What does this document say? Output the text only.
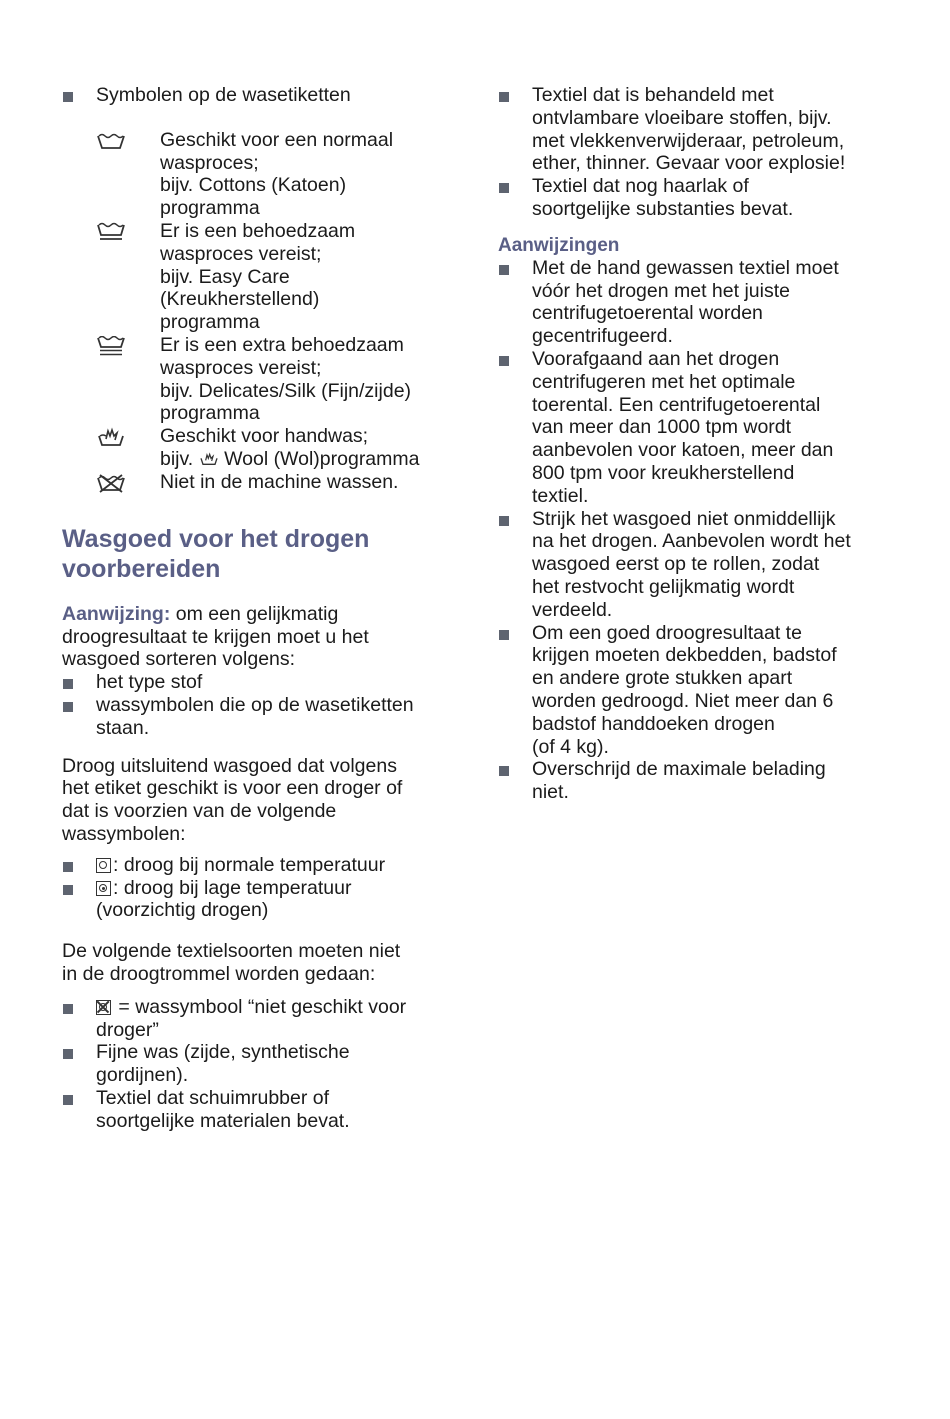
Symbolen op de wasetiketten
Geschikt voor een normaal
wasproces;
bijv. Cottons (Katoen)
programma
Er is een behoedzaam
wasproces vereist;
bijv. Easy Care
(Kreukherstellend)
programma
Er is een extra behoedzaam
wasproces vereist;
bijv. Delicates/Silk (Fijn/zijde)
programma
Geschikt voor handwas;
bijv.  Wool (Wol)programma
Niet in de machine wassen.
Wasgoed voor het drogen
voorbereiden
Aanwijzing: om een gelijkmatig
droogresultaat te krijgen moet u het
wasgoed sorteren volgens:
het type stof
wassymbolen die op de wasetiketten
staan.
Droog uitsluitend wasgoed dat volgens
het etiket geschikt is voor een droger of
dat is voorzien van de volgende
wassymbolen:
: droog bij normale temperatuur
: droog bij lage temperatuur
(voorzichtig drogen)
De volgende textielsoorten moeten niet
in de droogtrommel worden gedaan:
= wassymbool “niet geschikt voor
droger”
Fijne was (zijde, synthetische
gordijnen).
Textiel dat schuimrubber of
soortgelijke materialen bevat.
Textiel dat is behandeld met
ontvlambare vloeibare stoffen, bijv.
met vlekkenverwijderaar, petroleum,
ether, thinner. Gevaar voor explosie!
Textiel dat nog haarlak of
soortgelijke substanties bevat.
Aanwijzingen
Met de hand gewassen textiel moet
vóór het drogen met het juiste
centrifugetoerental worden
gecentrifugeerd.
Voorafgaand aan het drogen
centrifugeren met het optimale
toerental. Een centrifugetoerental
van meer dan 1000 tpm wordt
aanbevolen voor katoen, meer dan
800 tpm voor kreukherstellend
textiel.
Strijk het wasgoed niet onmiddellijk
na het drogen. Aanbevolen wordt het
wasgoed eerst op te rollen, zodat
het restvocht gelijkmatig wordt
verdeeld.
Om een goed droogresultaat te
krijgen moeten dekbedden, badstof
en andere grote stukken apart
worden gedroogd. Niet meer dan 6
badstof handdoeken drogen
(of 4 kg).
Overschrijd de maximale belading
niet.
